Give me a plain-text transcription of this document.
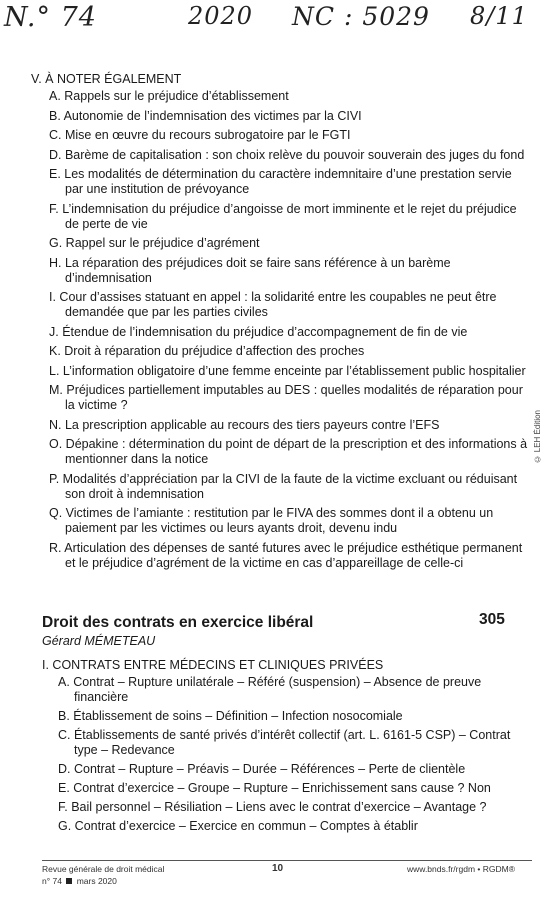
N.° 74	2020 NC : 5029 8/11
V. À NOTER ÉGALEMENT
A. Rappels sur le préjudice d’établissement
B. Autonomie de l’indemnisation des victimes par la CIVI
C. Mise en œuvre du recours subrogatoire par le FGTI
D. Barème de capitalisation : son choix relève du pouvoir souverain des juges du fond
E. Les modalités de détermination du caractère indemnitaire d’une prestation servie par une institution de prévoyance
F. L’indemnisation du préjudice d’angoisse de mort imminente et le rejet du préjudice de perte de vie
G. Rappel sur le préjudice d’agrément
H. La réparation des préjudices doit se faire sans référence à un barème d’indemnisation
I. Cour d’assises statuant en appel : la solidarité entre les coupables ne peut être demandée que par les parties civiles
J. Étendue de l’indemnisation du préjudice d’accompagnement de fin de vie
K. Droit à réparation du préjudice d’affection des proches
L. L’information obligatoire d’une femme enceinte par l’établissement public hospitalier
M. Préjudices partiellement imputables au DES : quelles modalités de réparation pour la victime ?
N. La prescription applicable au recours des tiers payeurs contre l’EFS
O. Dépakine : détermination du point de départ de la prescription et des informations à mentionner dans la notice
P. Modalités d’appréciation par la CIVI de la faute de la victime excluant ou réduisant son droit à indemnisation
Q. Victimes de l’amiante : restitution par le FIVA des sommes dont il a obtenu un paiement par les victimes ou leurs ayants droit, devenu indu
R. Articulation des dépenses de santé futures avec le préjudice esthétique permanent et le préjudice d’agrément de la victime en cas d’appareillage de celle-ci
© LEH Édition
Droit des contrats en exercice libéral	305
Gérard MÉMETEAU
I. CONTRATS ENTRE MÉDECINS ET CLINIQUES PRIVÉES
A. Contrat – Rupture unilatérale – Référé (suspension) – Absence de preuve financière
B. Établissement de soins – Définition – Infection nosocomiale
C. Établissements de santé privés d’intérêt collectif (art. L. 6161-5 CSP) – Contrat type – Redevance
D. Contrat – Rupture – Préavis – Durée – Références – Perte de clientèle
E. Contrat d’exercice – Groupe – Rupture – Enrichissement sans cause ? Non
F. Bail personnel – Résiliation – Liens avec le contrat d’exercice – Avantage ?
G. Contrat d’exercice – Exercice en commun – Comptes à établir
Revue générale de droit médical	10	www.bnds.fr/rgdm • RGDM®
n° 74 mars 2020
